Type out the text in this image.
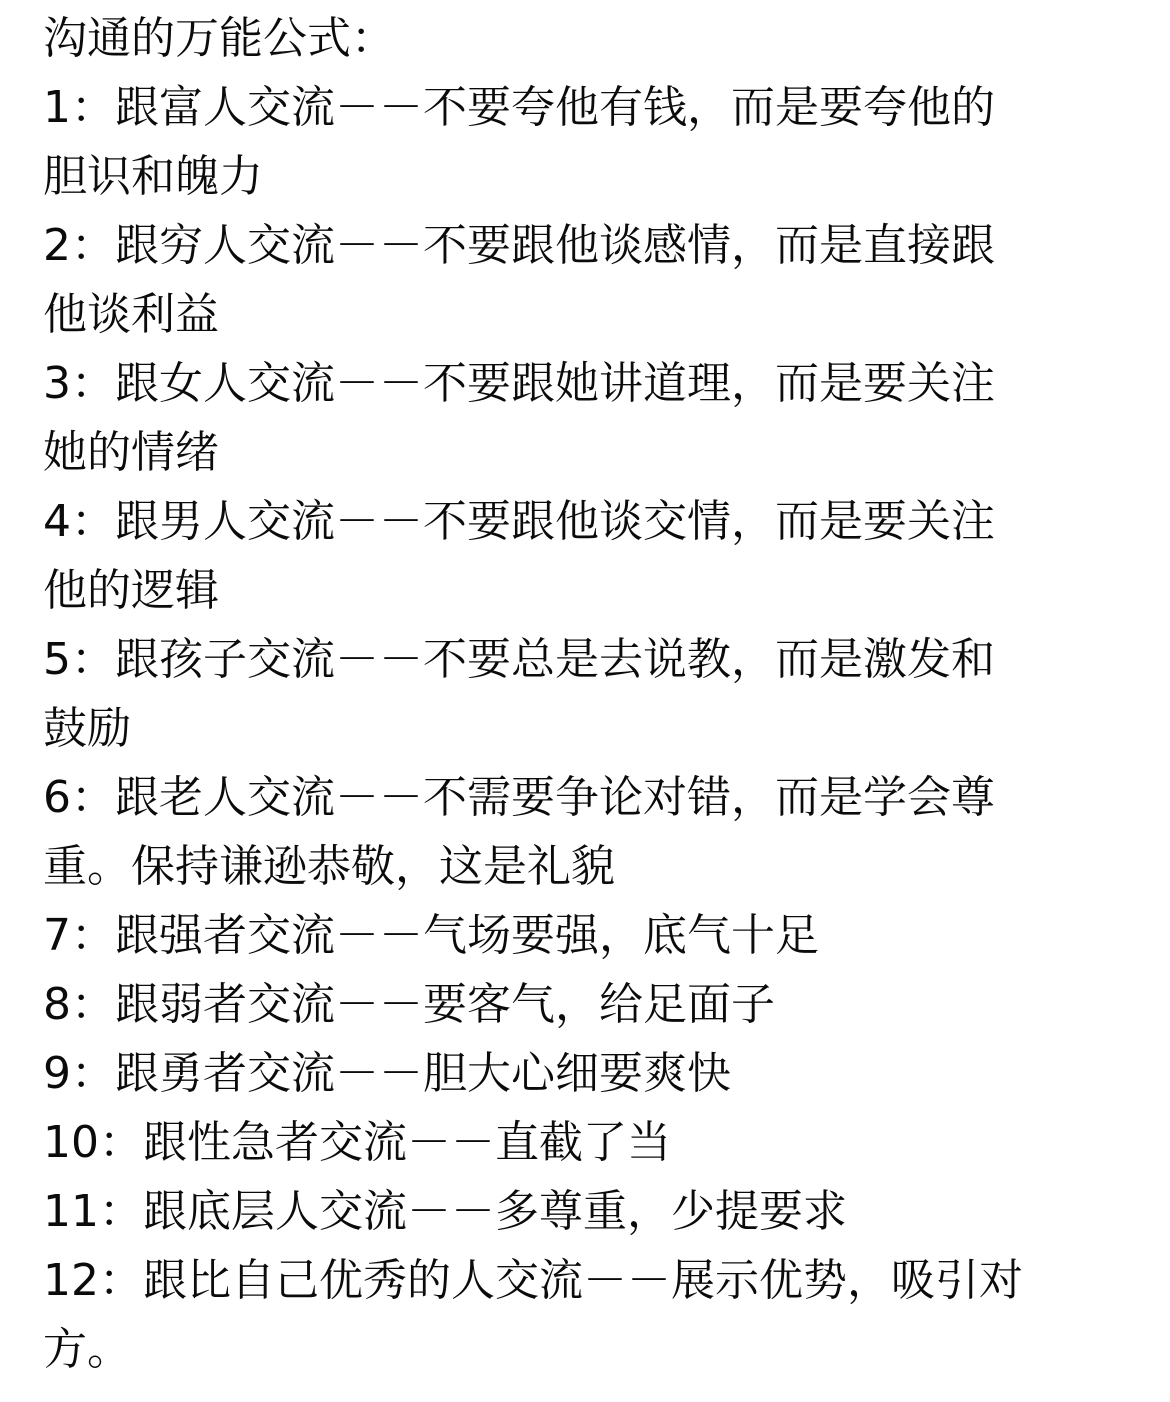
沟通的万能公式：
1：跟富人交流－－不要夸他有钱，而是要夸他的
胆识和魄力
2：跟穷人交流－－不要跟他谈感情，而是直接跟
他谈利益
3：跟女人交流－－不要跟她讲道理，而是要关注
她的情绪
4：跟男人交流－－不要跟他谈交情，而是要关注
他的逻辑
5：跟孩子交流－－不要总是去说教，而是激发和
鼓励
6：跟老人交流－－不需要争论对错，而是学会尊
重。保持谦逊恭敬，这是礼貌
7：跟强者交流－－气场要强，底气十足
8：跟弱者交流－－要客气，给足面子
9：跟勇者交流－－胆大心细要爽快
10：跟性急者交流－－直截了当
11：跟底层人交流－－多尊重，少提要求
12：跟比自己优秀的人交流－－展示优势，吸引对
方。
